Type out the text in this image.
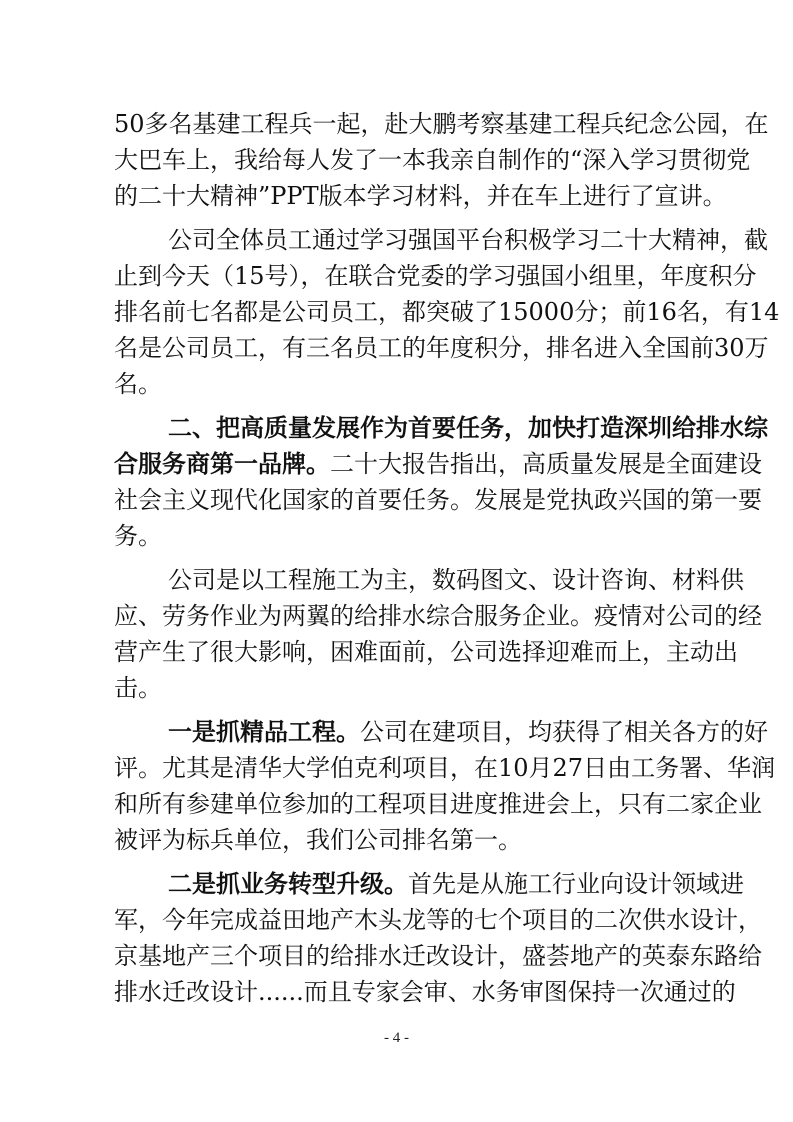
50多名基建工程兵一起，赴大鹏考察基建工程兵纪念公园，在
大巴车上，我给每人发了一本我亲自制作的“深入学习贯彻党
的二十大精神”PPT版本学习材料，并在车上进行了宣讲。
公司全体员工通过学习强国平台积极学习二十大精神，截
止到今天（15号），在联合党委的学习强国小组里，年度积分
排名前七名都是公司员工，都突破了15000分；前16名，有14
名是公司员工，有三名员工的年度积分，排名进入全国前30万
名。
二、把高质量发展作为首要任务，加快打造深圳给排水综
合服务商第一品牌。二十大报告指出，高质量发展是全面建设
社会主义现代化国家的首要任务。发展是党执政兴国的第一要
务。
公司是以工程施工为主，数码图文、设计咨询、材料供
应、劳务作业为两翼的给排水综合服务企业。疫情对公司的经
营产生了很大影响，困难面前，公司选择迎难而上，主动出
击。
一是抓精品工程。公司在建项目，均获得了相关各方的好
评。尤其是清华大学伯克利项目，在10月27日由工务署、华润
和所有参建单位参加的工程项目进度推进会上，只有二家企业
被评为标兵单位，我们公司排名第一。
二是抓业务转型升级。首先是从施工行业向设计领域进
军，今年完成益田地产木头龙等的七个项目的二次供水设计，
京基地产三个项目的给排水迁改设计，盛荟地产的英泰东路给
排水迁改设计......而且专家会审、水务审图保持一次通过的
- 4 -
